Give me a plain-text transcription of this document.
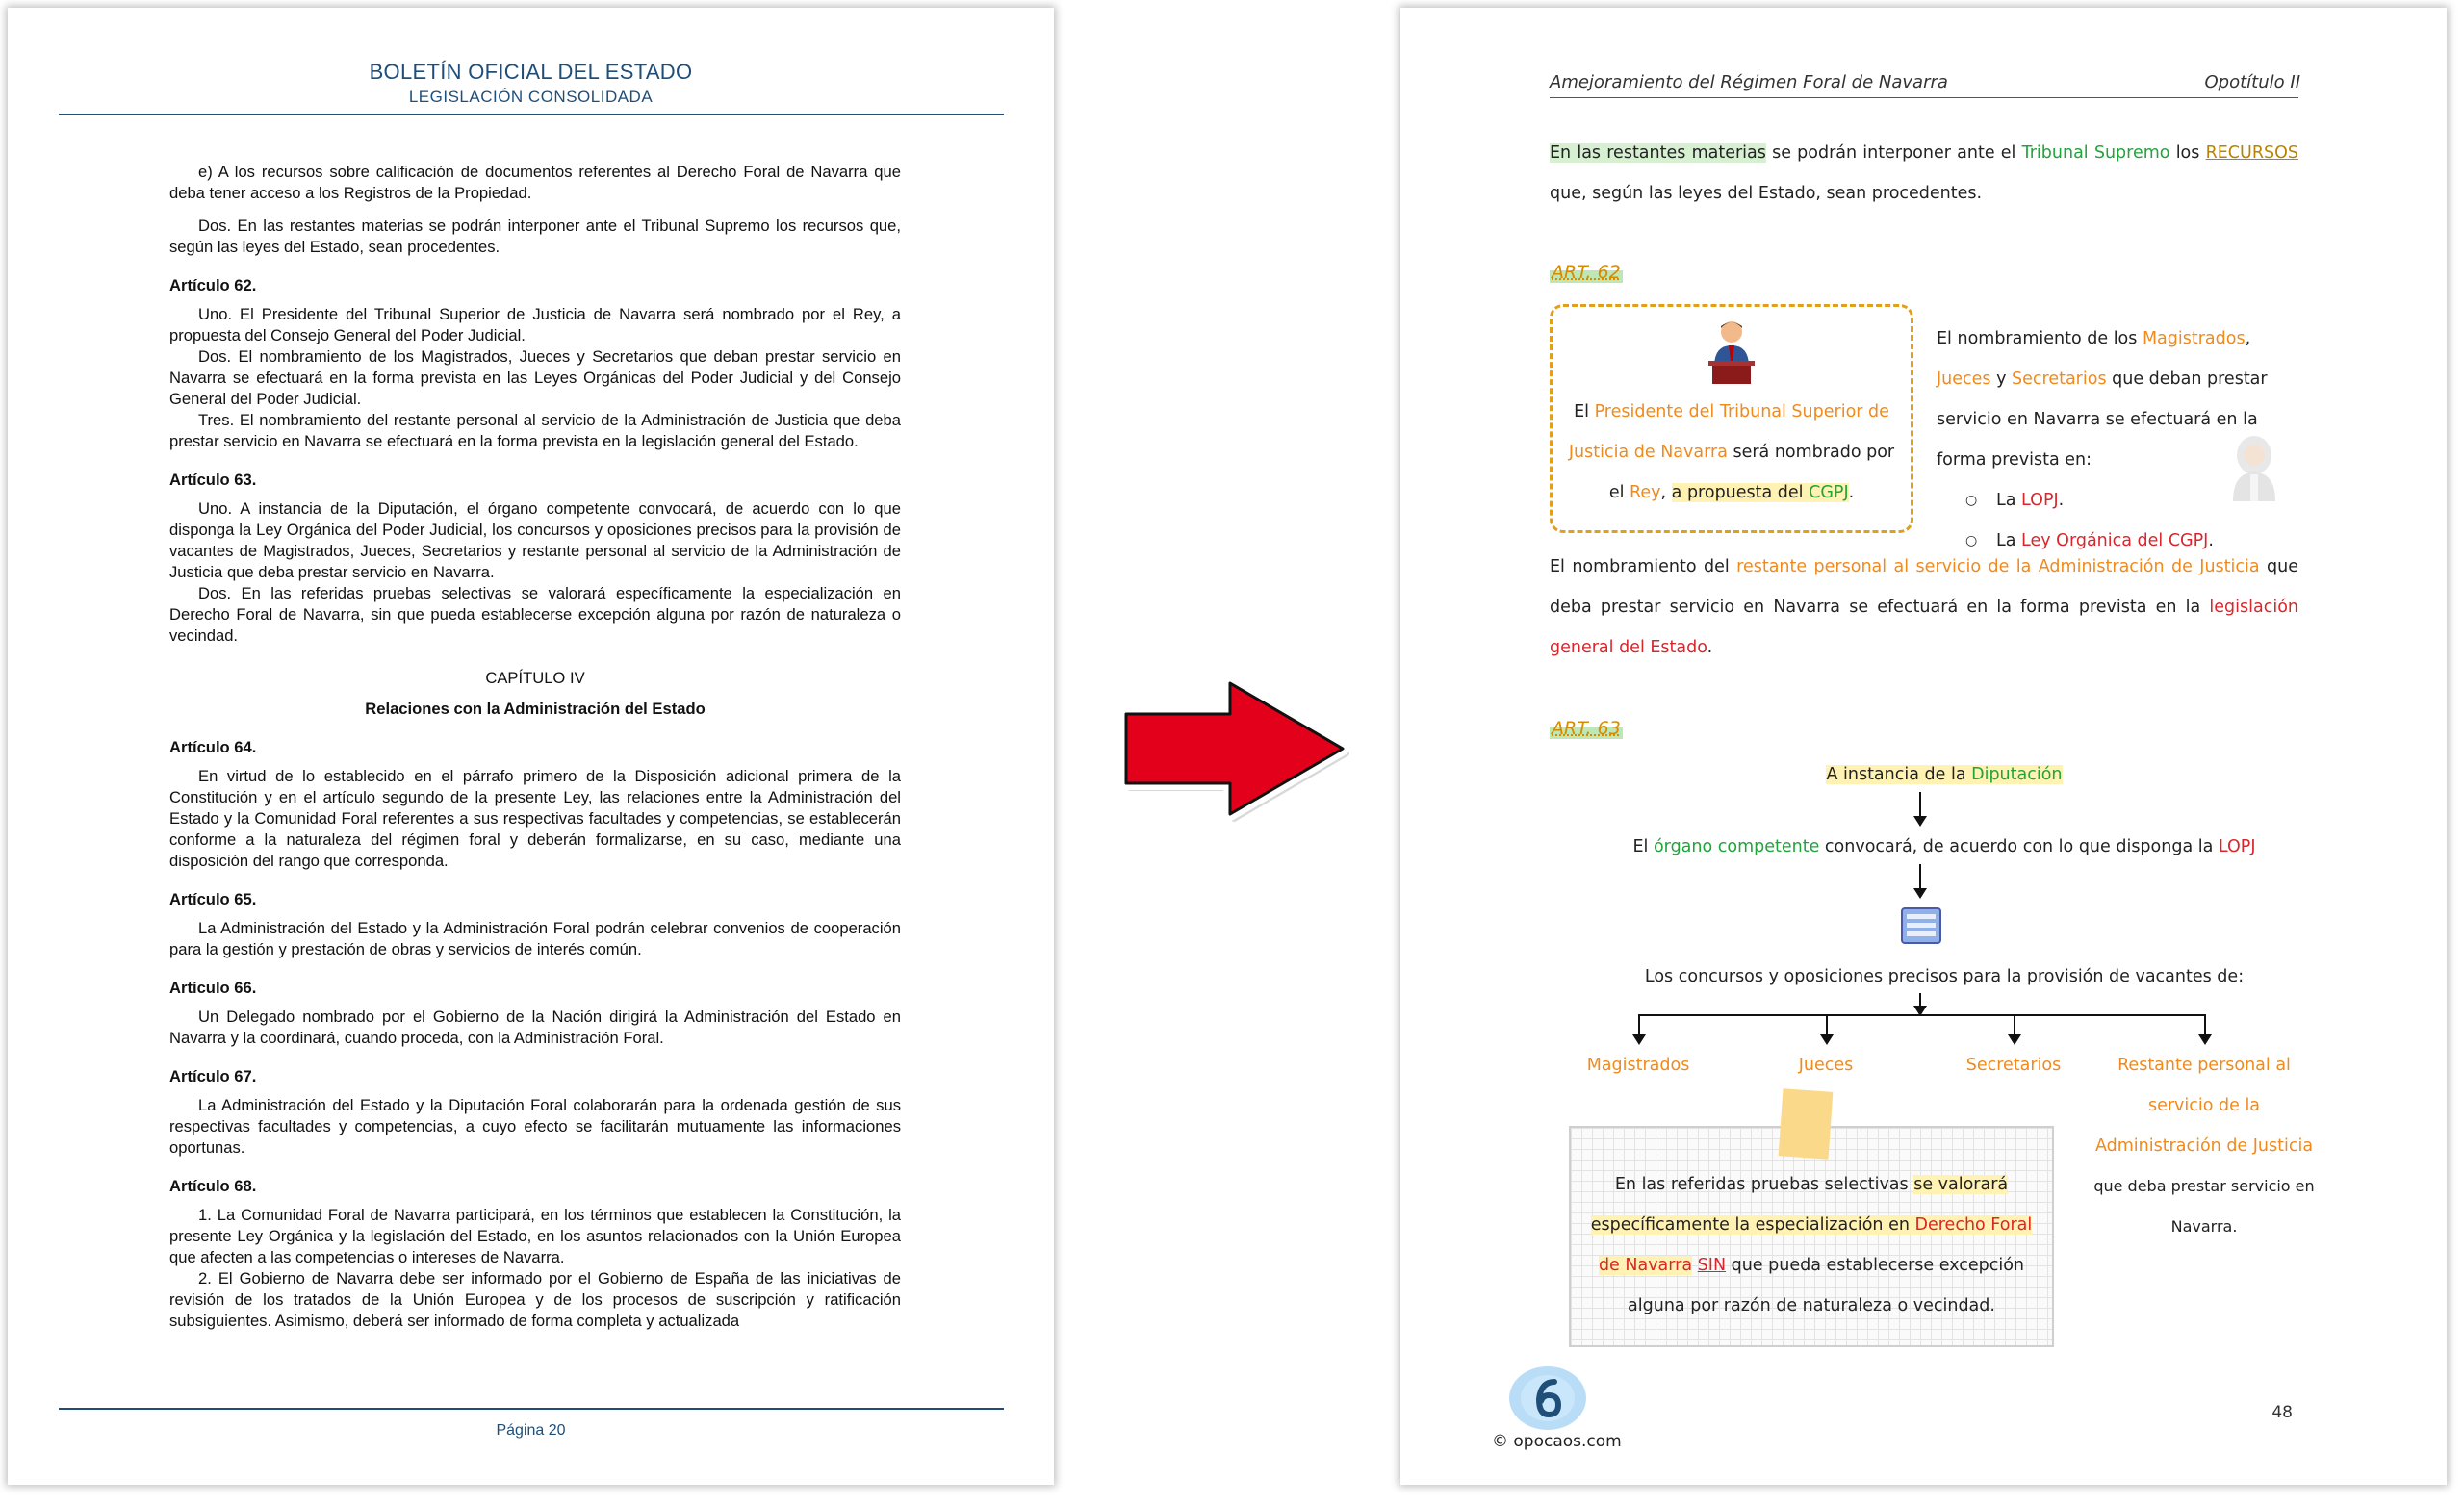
BOLETÍN OFICIAL DEL ESTADO
LEGISLACIÓN CONSOLIDADA

e) A los recursos sobre calificación de documentos referentes al Derecho Foral de Navarra que deba tener acceso a los Registros de la Propiedad.

Dos. En las restantes materias se podrán interponer ante el Tribunal Supremo los recursos que, según las leyes del Estado, sean procedentes.

Artículo 62.

Uno. El Presidente del Tribunal Superior de Justicia de Navarra será nombrado por el Rey, a propuesta del Consejo General del Poder Judicial.

Dos. El nombramiento de los Magistrados, Jueces y Secretarios que deban prestar servicio en Navarra se efectuará en la forma prevista en las Leyes Orgánicas del Poder Judicial y del Consejo General del Poder Judicial.

Tres. El nombramiento del restante personal al servicio de la Administración de Justicia que deba prestar servicio en Navarra se efectuará en la forma prevista en la legislación general del Estado.

Artículo 63.

Uno. A instancia de la Diputación, el órgano competente convocará, de acuerdo con lo que disponga la Ley Orgánica del Poder Judicial, los concursos y oposiciones precisos para la provisión de vacantes de Magistrados, Jueces, Secretarios y restante personal al servicio de la Administración de Justicia que deba prestar servicio en Navarra.

Dos. En las referidas pruebas selectivas se valorará específicamente la especialización en Derecho Foral de Navarra, sin que pueda establecerse excepción alguna por razón de naturaleza o vecindad.

CAPÍTULO IV

Relaciones con la Administración del Estado

Artículo 64.

En virtud de lo establecido en el párrafo primero de la Disposición adicional primera de la Constitución y en el artículo segundo de la presente Ley, las relaciones entre la Administración del Estado y la Comunidad Foral referentes a sus respectivas facultades y competencias, se establecerán conforme a la naturaleza del régimen foral y deberán formalizarse, en su caso, mediante una disposición del rango que corresponda.

Artículo 65.

La Administración del Estado y la Administración Foral podrán celebrar convenios de cooperación para la gestión y prestación de obras y servicios de interés común.

Artículo 66.

Un Delegado nombrado por el Gobierno de la Nación dirigirá la Administración del Estado en Navarra y la coordinará, cuando proceda, con la Administración Foral.

Artículo 67.

La Administración del Estado y la Diputación Foral colaborarán para la ordenada gestión de sus respectivas facultades y competencias, a cuyo efecto se facilitarán mutuamente las informaciones oportunas.

Artículo 68.

1. La Comunidad Foral de Navarra participará, en los términos que establecen la Constitución, la presente Ley Orgánica y la legislación del Estado, en los asuntos relacionados con la Unión Europea que afecten a las competencias o intereses de Navarra.

2. El Gobierno de Navarra debe ser informado por el Gobierno de España de las iniciativas de revisión de los tratados de la Unión Europea y de los procesos de suscripción y ratificación subsiguientes. Asimismo, deberá ser informado de forma completa y actualizada

Página 20
Amejoramiento del Régimen Foral de Navarra	Opotítulo II
En las restantes materias se podrán interponer ante el Tribunal Supremo los RECURSOS que, según las leyes del Estado, sean procedentes.
ART. 62
El Presidente del Tribunal Superior de Justicia de Navarra será nombrado por el Rey, a propuesta del CGPJ.
El nombramiento de los Magistrados, Jueces y Secretarios que deban prestar servicio en Navarra se efectuará en la forma prevista en:
○ La LOPJ.
○ La Ley Orgánica del CGPJ.
El nombramiento del restante personal al servicio de la Administración de Justicia que deba prestar servicio en Navarra se efectuará en la forma prevista en la legislación general del Estado.
ART. 63
A instancia de la Diputación
El órgano competente convocará, de acuerdo con lo que disponga la LOPJ
Los concursos y oposiciones precisos para la provisión de vacantes de:
Magistrados	Jueces	Secretarios	Restante personal al servicio de la Administración de Justicia que deba prestar servicio en Navarra.
En las referidas pruebas selectivas se valorará específicamente la especialización en Derecho Foral de Navarra SIN que pueda establecerse excepción alguna por razón de naturaleza o vecindad.
© opocaos.com
48
